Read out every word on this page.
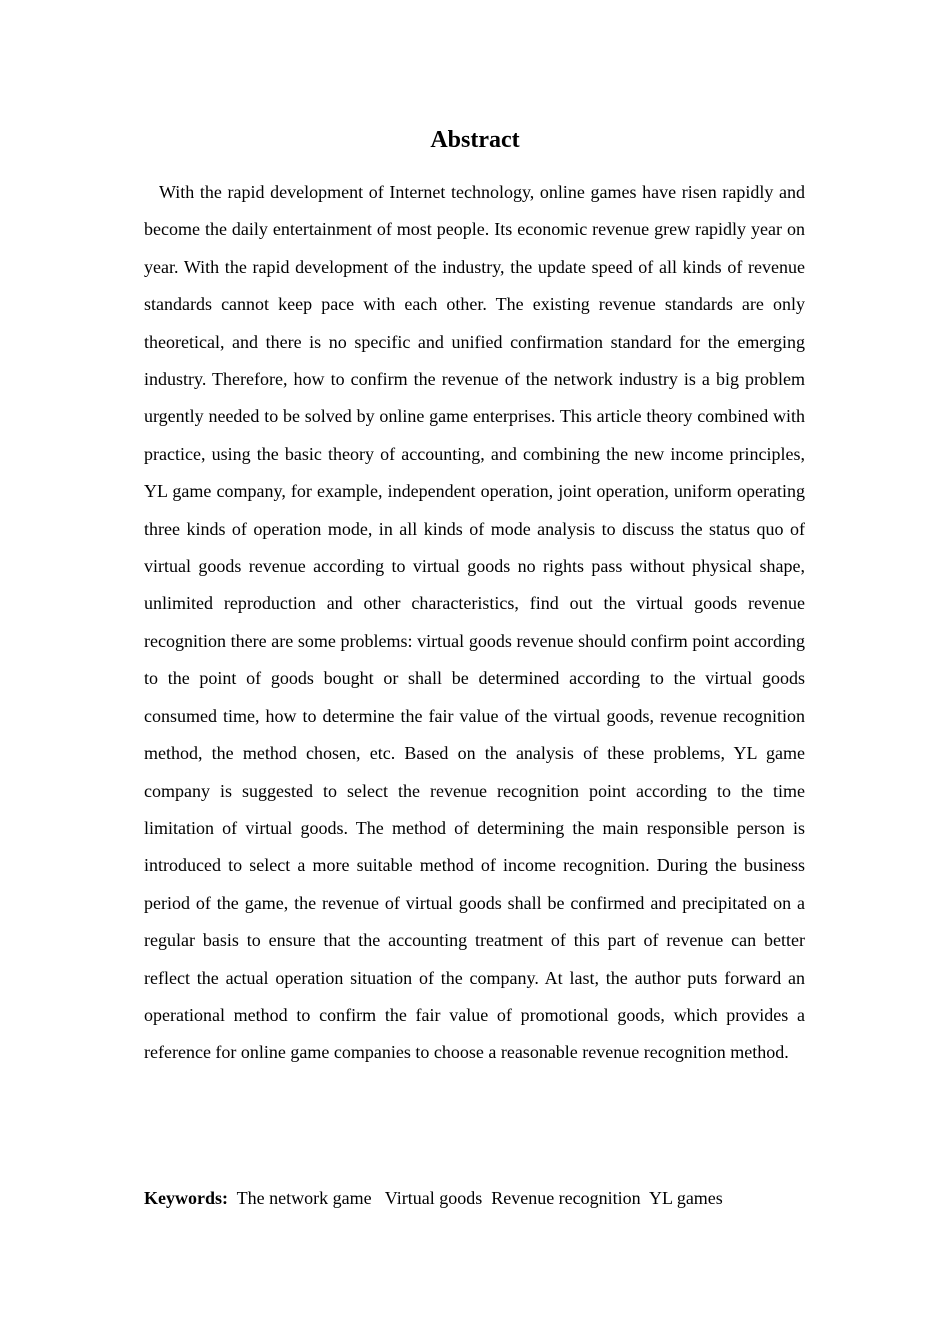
Abstract

With the rapid development of Internet technology, online games have risen rapidly and become the daily entertainment of most people. Its economic revenue grew rapidly year on year. With the rapid development of the industry, the update speed of all kinds of revenue standards cannot keep pace with each other. The existing revenue standards are only theoretical, and there is no specific and unified confirmation standard for the emerging industry. Therefore, how to confirm the revenue of the network industry is a big problem urgently needed to be solved by online game enterprises. This article theory combined with practice, using the basic theory of accounting, and combining the new income principles, YL game company, for example, independent operation, joint operation, uniform operating three kinds of operation mode, in all kinds of mode analysis to discuss the status quo of virtual goods revenue according to virtual goods no rights pass without physical shape, unlimited reproduction and other characteristics, find out the virtual goods revenue recognition there are some problems: virtual goods revenue should confirm point according to the point of goods bought or shall be determined according to the virtual goods consumed time, how to determine the fair value of the virtual goods, revenue recognition method, the method chosen, etc. Based on the analysis of these problems, YL game company is suggested to select the revenue recognition point according to the time limitation of virtual goods. The method of determining the main responsible person is introduced to select a more suitable method of income recognition. During the business period of the game, the revenue of virtual goods shall be confirmed and precipitated on a regular basis to ensure that the accounting treatment of this part of revenue can better reflect the actual operation situation of the company. At last, the author puts forward an operational method to confirm the fair value of promotional goods, which provides a reference for online game companies to choose a reasonable revenue recognition method.

Keywords:  The network game   Virtual goods  Revenue recognition  YL games
